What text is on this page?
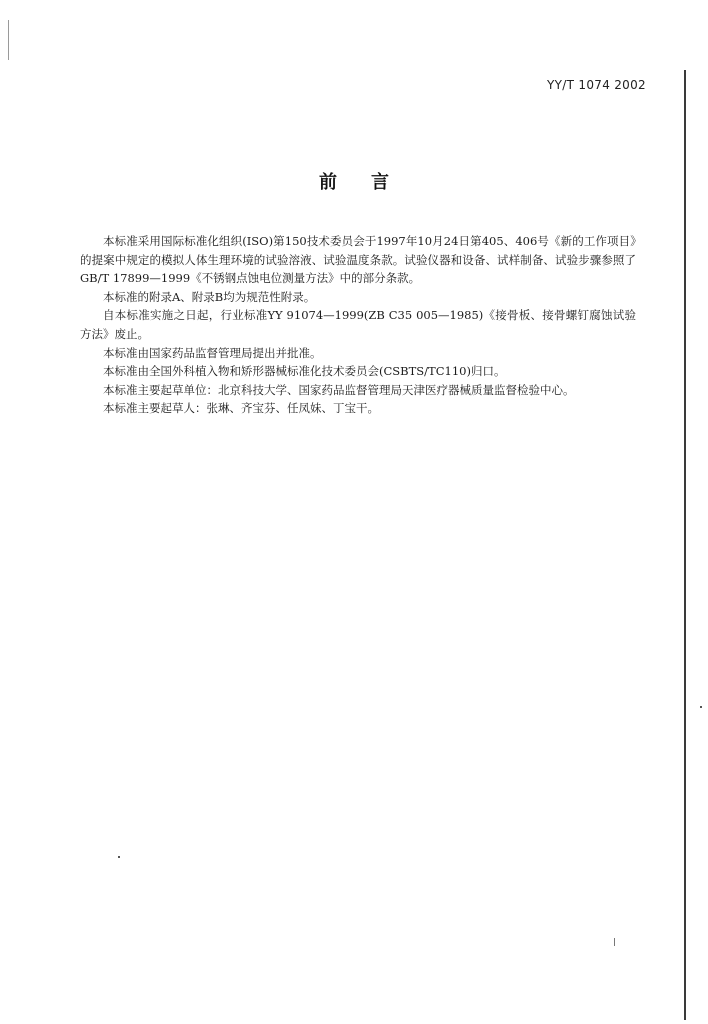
YY/T 1074 2002
前言

本标准采用国际标准化组织(ISO)第150技术委员会于1997年10月24日第405、406号《新的工作项目》的提案中规定的模拟人体生理环境的试验溶液、试验温度条款。试验仪器和设备、试样制备、试验步骤参照了GB/T 17899—1999《不锈钢点蚀电位测量方法》中的部分条款。

本标准的附录A、附录B均为规范性附录。

自本标准实施之日起，行业标准YY 91074—1999(ZB C35 005—1985)《接骨板、接骨螺钉腐蚀试验方法》废止。

本标准由国家药品监督管理局提出并批准。

本标准由全国外科植入物和矫形器械标准化技术委员会(CSBTS/TC110)归口。

本标准主要起草单位：北京科技大学、国家药品监督管理局天津医疗器械质量监督检验中心。

本标准主要起草人：张琳、齐宝芬、任凤妹、丁宝干。
